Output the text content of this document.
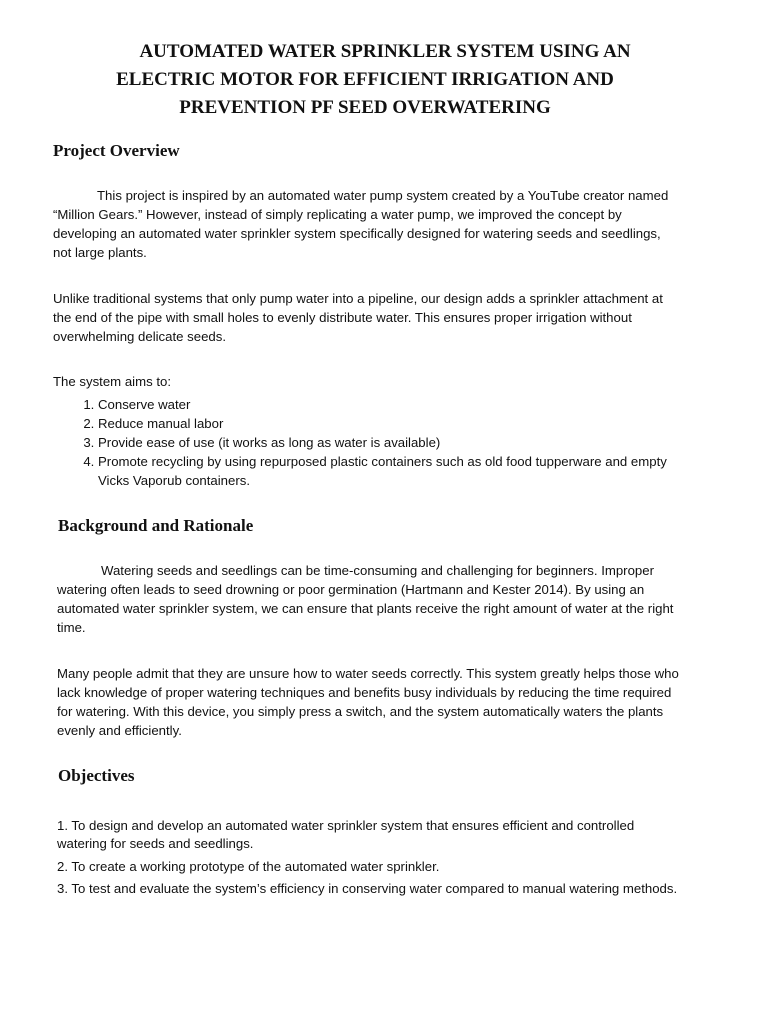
AUTOMATED WATER SPRINKLER SYSTEM USING AN
ELECTRIC MOTOR FOR EFFICIENT IRRIGATION AND
PREVENTION PF SEED OVERWATERING
Project Overview

This project is inspired by an automated water pump system created by a YouTube creator named “Million Gears.” However, instead of simply replicating a water pump, we improved the concept by developing an automated water sprinkler system specifically designed for watering seeds and seedlings, not large plants.

Unlike traditional systems that only pump water into a pipeline, our design adds a sprinkler attachment at the end of the pipe with small holes to evenly distribute water. This ensures proper irrigation without overwhelming delicate seeds.

The system aims to:

1. Conserve water
2. Reduce manual labor
3. Provide ease of use (it works as long as water is available)
4. Promote recycling by using repurposed plastic containers such as old food tupperware and empty Vicks Vaporub containers.
Background and Rationale

Watering seeds and seedlings can be time-consuming and challenging for beginners. Improper watering often leads to seed drowning or poor germination (Hartmann and Kester 2014). By using an automated water sprinkler system, we can ensure that plants receive the right amount of water at the right time.

Many people admit that they are unsure how to water seeds correctly. This system greatly helps those who lack knowledge of proper watering techniques and benefits busy individuals by reducing the time required for watering. With this device, you simply press a switch, and the system automatically waters the plants evenly and efficiently.

Objectives

1. To design and develop an automated water sprinkler system that ensures efficient and controlled watering for seeds and seedlings.

2. To create a working prototype of the automated water sprinkler.

3. To test and evaluate the system’s efficiency in conserving water compared to manual watering methods.
